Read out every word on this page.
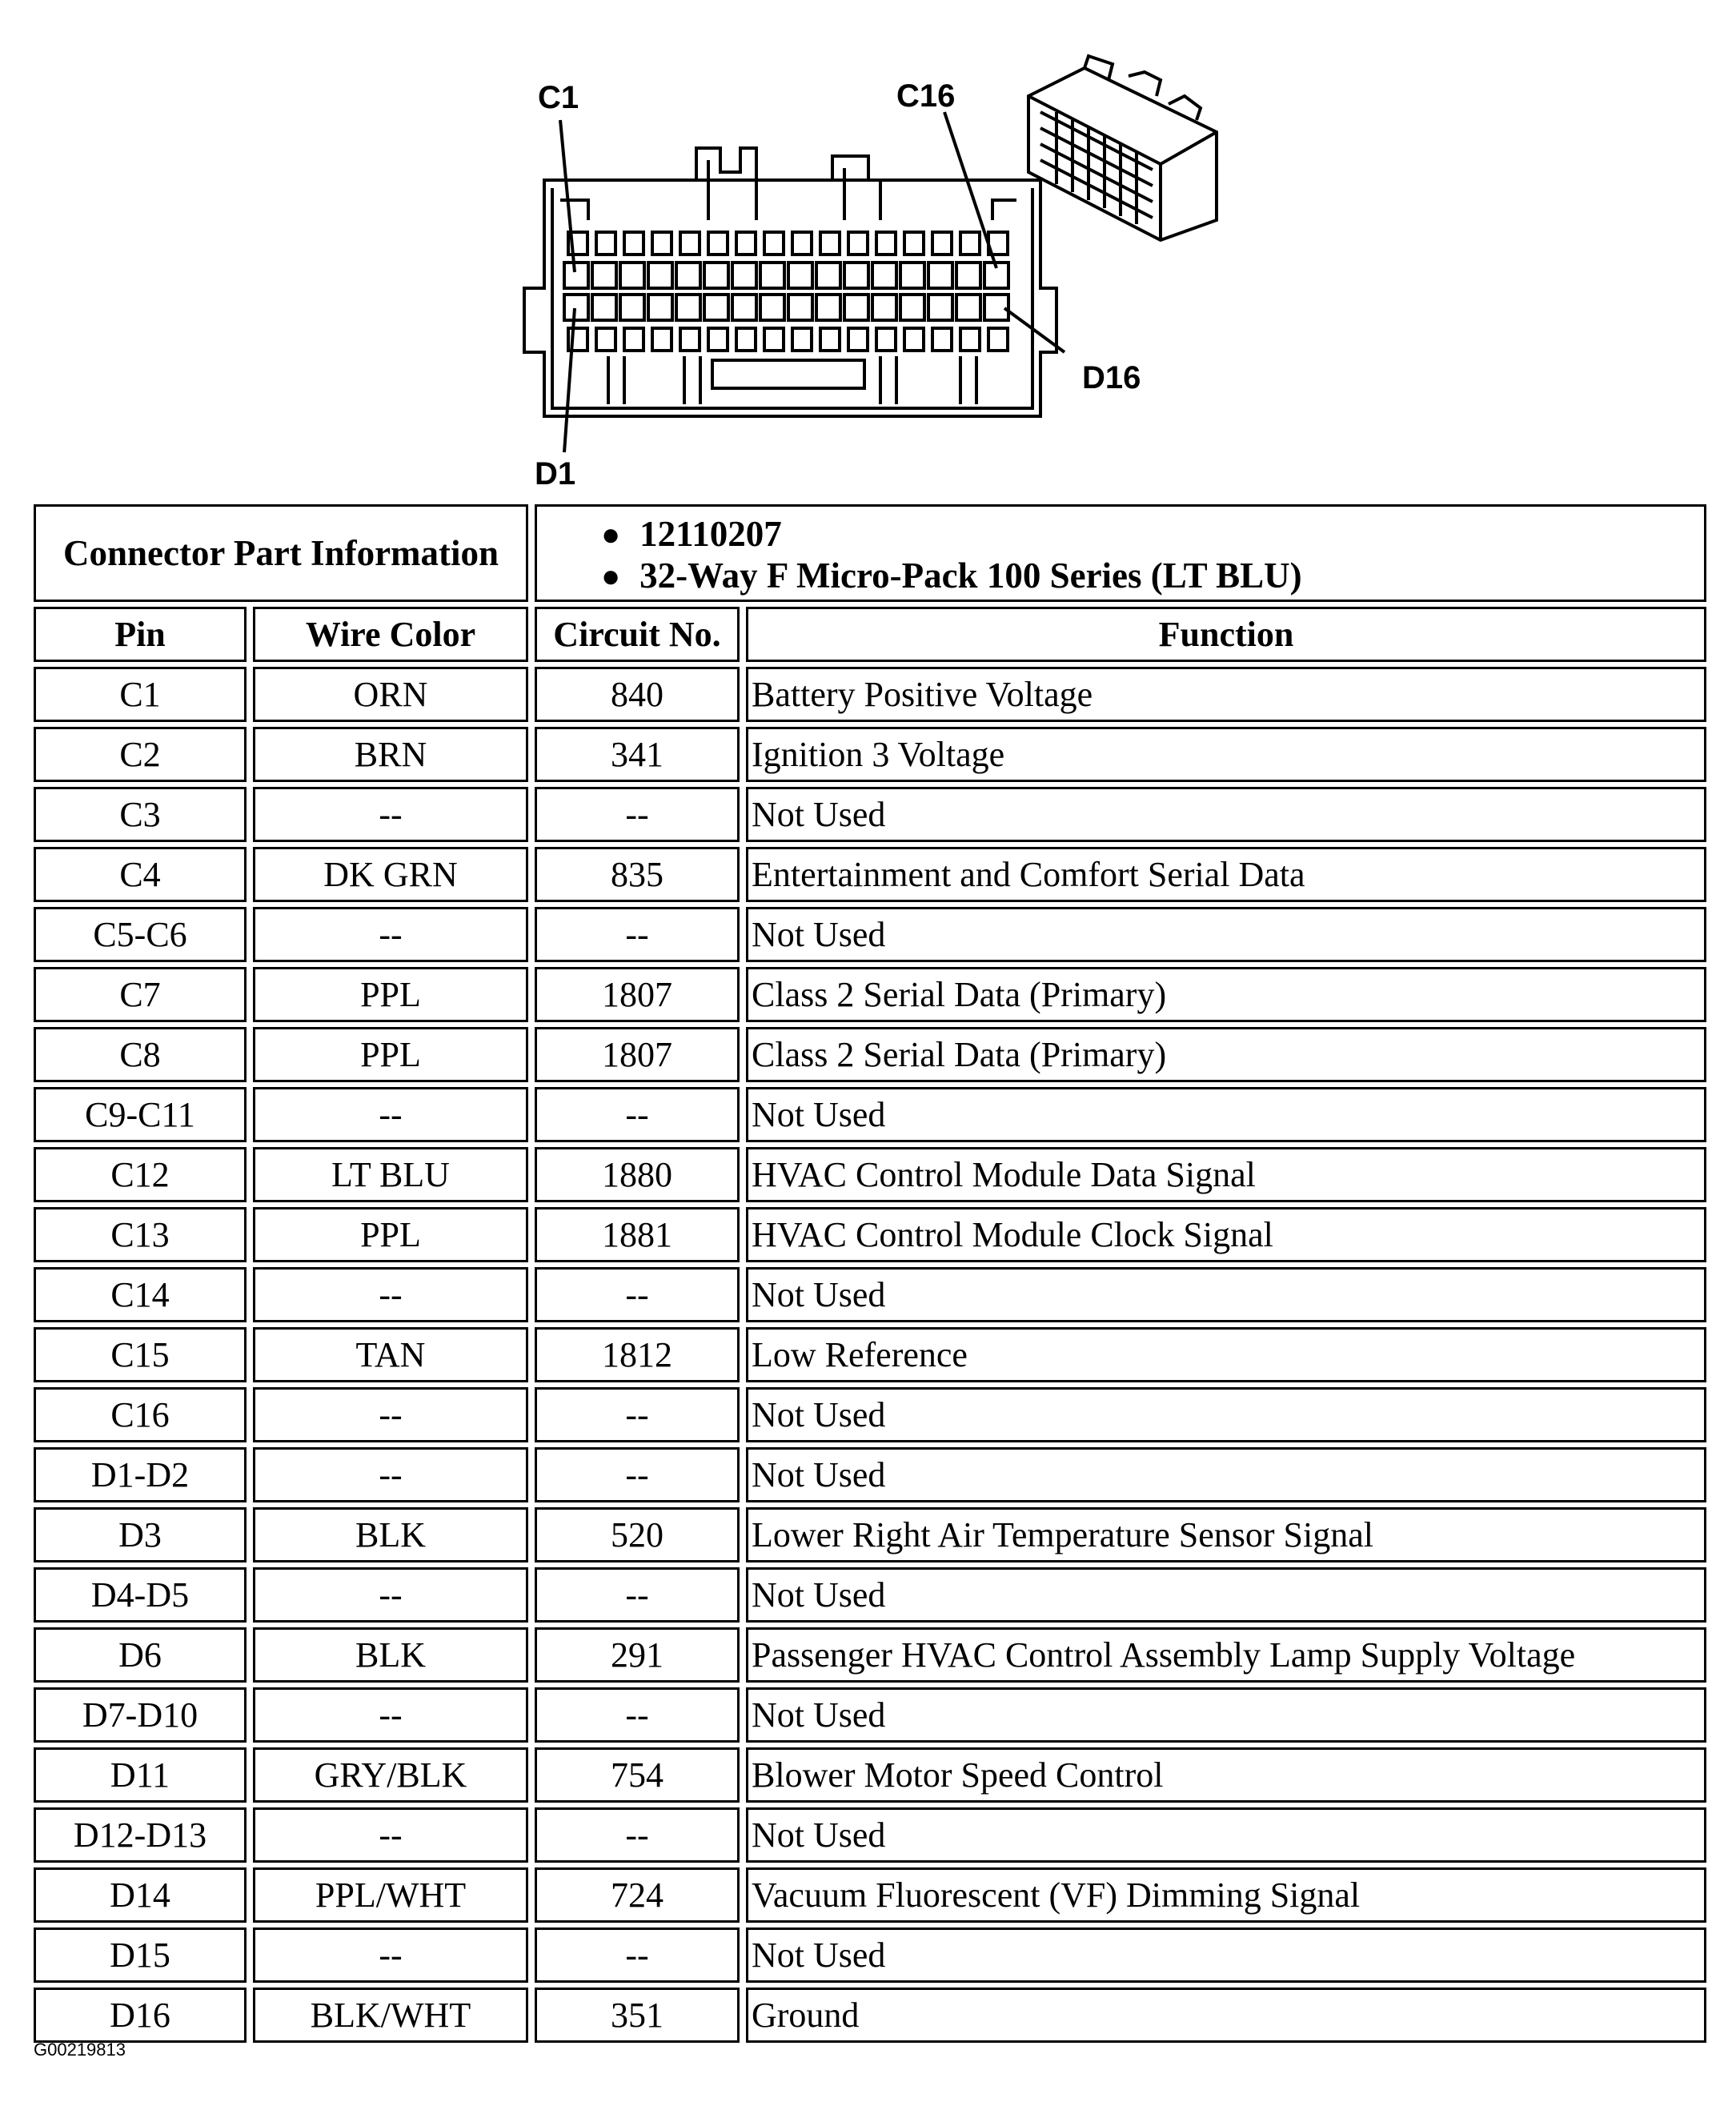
C1	C16
D16
D1
Connector Part Information	● 12110207
● 32-Way F Micro-Pack 100 Series (LT BLU)
Pin	Wire Color	Circuit No.	Function
C1	ORN	840	Battery Positive Voltage
C2	BRN	341	Ignition 3 Voltage
C3	--	--	Not Used
C4	DK GRN	835	Entertainment and Comfort Serial Data
C5-C6	--	--	Not Used
C7	PPL	1807	Class 2 Serial Data (Primary)
C8	PPL	1807	Class 2 Serial Data (Primary)
C9-C11	--	--	Not Used
C12	LT BLU	1880	HVAC Control Module Data Signal
C13	PPL	1881	HVAC Control Module Clock Signal
C14	--	--	Not Used
C15	TAN	1812	Low Reference
C16	--	--	Not Used
D1-D2	--	--	Not Used
D3	BLK	520	Lower Right Air Temperature Sensor Signal
D4-D5	--	--	Not Used
D6	BLK	291	Passenger HVAC Control Assembly Lamp Supply Voltage
D7-D10	--	--	Not Used
D11	GRY/BLK	754	Blower Motor Speed Control
D12-D13	--	--	Not Used
D14	PPL/WHT	724	Vacuum Fluorescent (VF) Dimming Signal
D15	--	--	Not Used
D16	BLK/WHT	351	Ground
G00219813
